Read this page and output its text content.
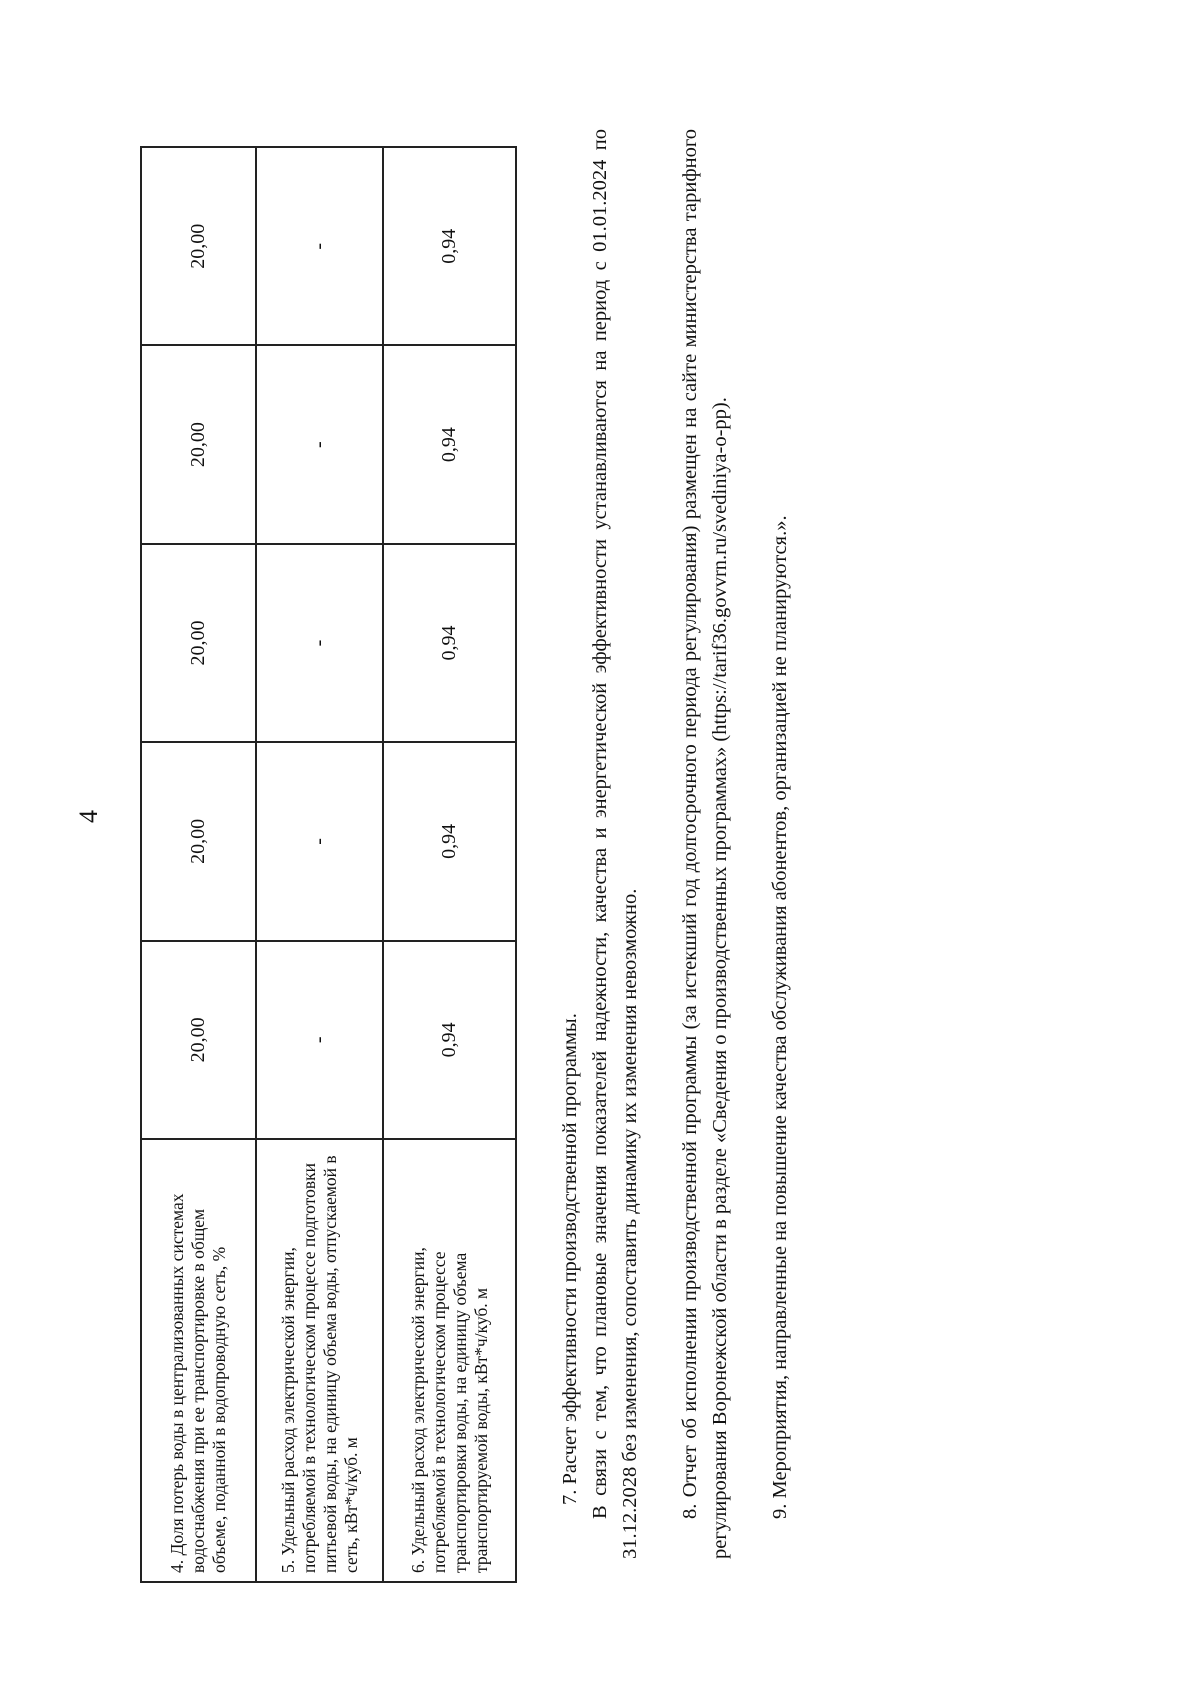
4
4. Доля потерь воды в централизованных системах водоснабжения при ее транспортировке в общем объеме, поданной в водопроводную сеть, %	20,00	20,00	20,00	20,00	20,00
5. Удельный расход электрической энергии, потребляемой в технологическом процессе подготовки питьевой воды, на единицу объема воды, отпускаемой в сеть, кВт*ч/куб. м	-	-	-	-	-
6. Удельный расход электрической энергии, потребляемой в технологическом процессе транспортировки воды, на единицу объема транспортируемой воды, кВт*ч/куб. м	0,94	0,94	0,94	0,94	0,94

7. Расчет эффективности производственной программы. В связи с тем, что плановые значения показателей надежности, качества и энергетической эффективности устанавливаются на период с 01.01.2024 по 31.12.2028 без изменения, сопоставить динамику их изменения невозможно. 8. Отчет об исполнении производственной программы (за истекший год долгосрочного периода регулирования) размещен на сайте министерства тарифного регулирования Воронежской области в разделе «Сведения о производственных программах» (https://tarif36.govvrn.ru/svediniya-o-pp). 9. Мероприятия, направленные на повышение качества обслуживания абонентов, организацией не планируются.».
